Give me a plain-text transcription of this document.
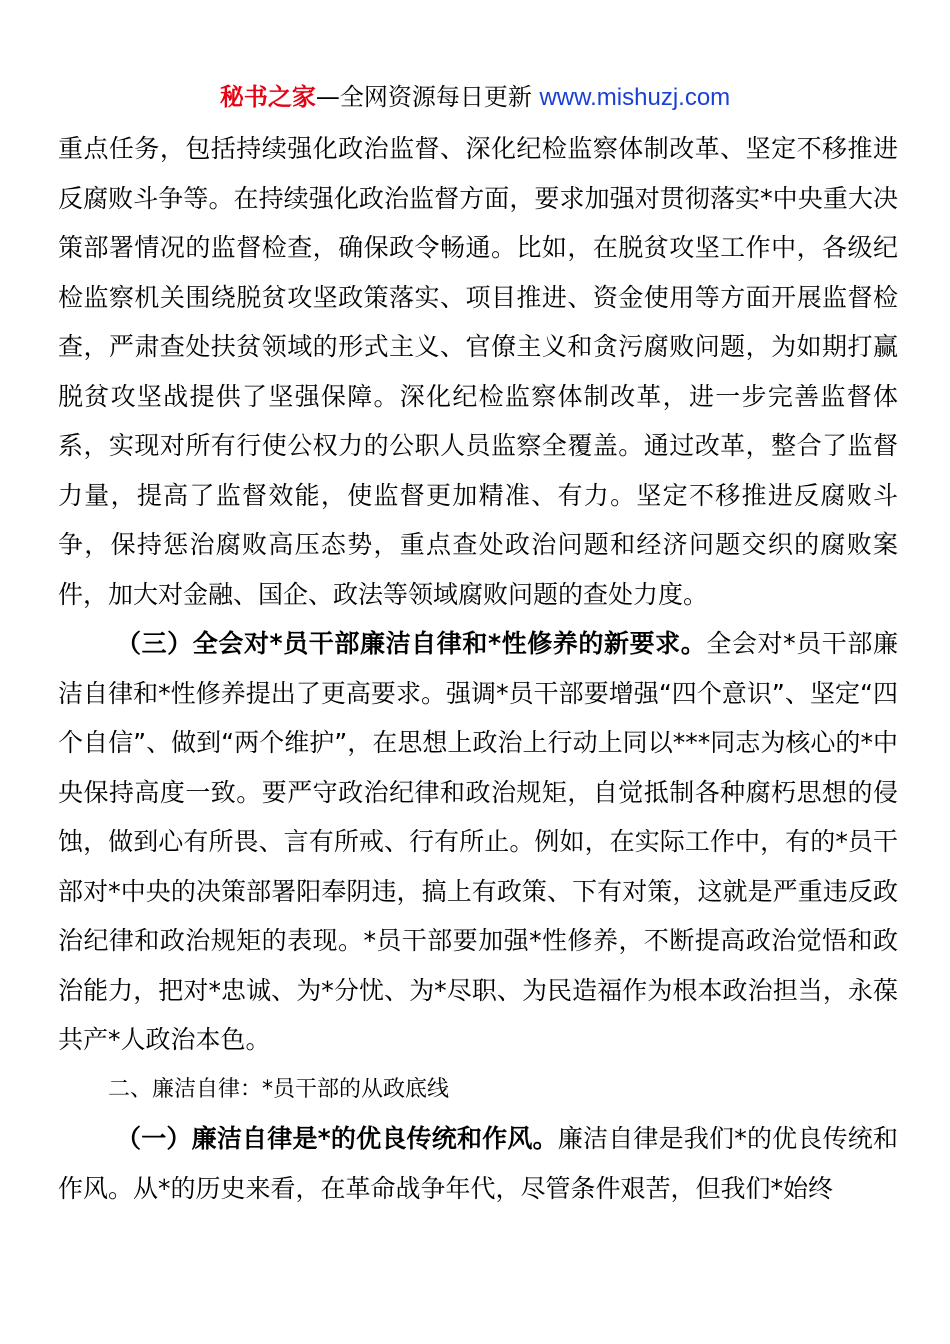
秘书之家—全网资源每日更新 www.mishuzj.com

重点任务，包括持续强化政治监督、深化纪检监察体制改革、坚定不移推进反腐败斗争等。在持续强化政治监督方面，要求加强对贯彻落实*中央重大决策部署情况的监督检查，确保政令畅通。比如，在脱贫攻坚工作中，各级纪检监察机关围绕脱贫攻坚政策落实、项目推进、资金使用等方面开展监督检查，严肃查处扶贫领域的形式主义、官僚主义和贪污腐败问题，为如期打赢脱贫攻坚战提供了坚强保障。深化纪检监察体制改革，进一步完善监督体系，实现对所有行使公权力的公职人员监察全覆盖。通过改革，整合了监督力量，提高了监督效能，使监督更加精准、有力。坚定不移推进反腐败斗争，保持惩治腐败高压态势，重点查处政治问题和经济问题交织的腐败案件，加大对金融、国企、政法等领域腐败问题的查处力度。

（三）全会对*员干部廉洁自律和*性修养的新要求。全会对*员干部廉洁自律和*性修养提出了更高要求。强调*员干部要增强“四个意识”、坚定“四个自信”、做到“两个维护”，在思想上政治上行动上同以***同志为核心的*中央保持高度一致。要严守政治纪律和政治规矩，自觉抵制各种腐朽思想的侵蚀，做到心有所畏、言有所戒、行有所止。例如，在实际工作中，有的*员干部对*中央的决策部署阳奉阴违，搞上有政策、下有对策，这就是严重违反政治纪律和政治规矩的表现。*员干部要加强*性修养，不断提高政治觉悟和政治能力，把对*忠诚、为*分忧、为*尽职、为民造福作为根本政治担当，永葆共产*人政治本色。

二、廉洁自律：*员干部的从政底线

（一）廉洁自律是*的优良传统和作风。廉洁自律是我们*的优良传统和作风。从*的历史来看，在革命战争年代，尽管条件艰苦，但我们*始终
